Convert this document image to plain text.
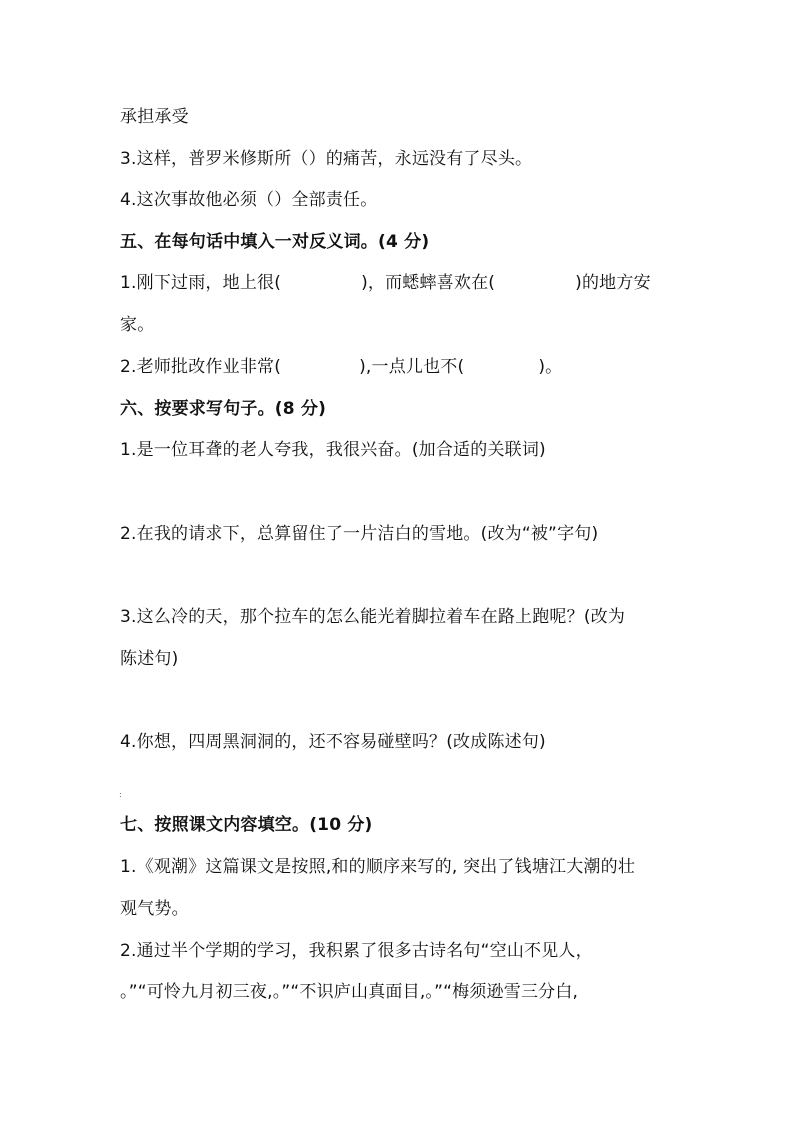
承担承受
3.这样，普罗米修斯所（）的痛苦，永远没有了尽头。
4.这次事故他必须（）全部责任。
五、在每句话中填入一对反义词。(4 分)
1.刚下过雨，地上很(	)，而蟋蟀喜欢在(	)的地方安
家。
2.老师批改作业非常(	),一点儿也不(	)。
六、按要求写句子。(8 分)
1.是一位耳聋的老人夸我，我很兴奋。(加合适的关联词)
2.在我的请求下，总算留住了一片洁白的雪地。(改为“被”字句)
3.这么冷的天，那个拉车的怎么能光着脚拉着车在路上跑呢？(改为
陈述句)
4.你想，四周黑洞洞的，还不容易碰壁吗？(改成陈述句)
:
七、按照课文内容填空。(10 分)
1.《观潮》这篇课文是按照,和的顺序来写的, 突出了钱塘江大潮的壮
观气势。
2.通过半个学期的学习，我积累了很多古诗名句“空山不见人，
。”“可怜九月初三夜,。”“不识庐山真面目,。”“梅须逊雪三分白,
